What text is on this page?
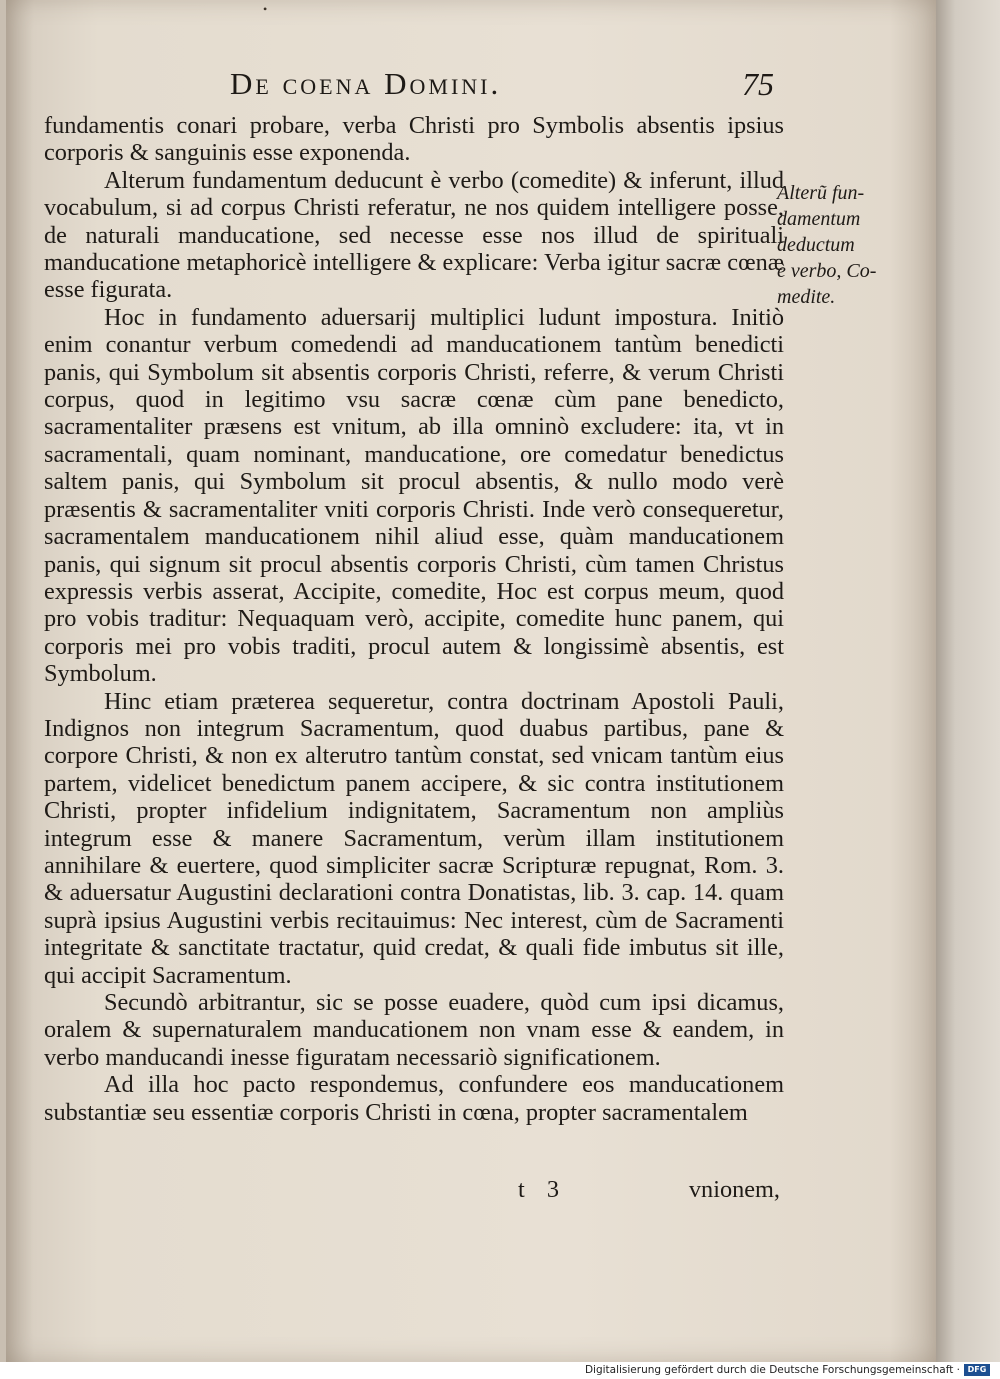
•
De coena Domini.	75

fundamentis conari probare, verba Christi pro Symbolis absentis ipsius corporis & sanguinis esse exponenda.

Alterum fundamentum deducunt è verbo (comedite) & inferunt, illud vocabulum, si ad corpus Christi referatur, ne nos quidem intelligere posse, de naturali manducatione, sed necesse esse nos illud de spirituali manducatione metaphoricè intelligere & explicare: Verba igitur sacræ cœnæ esse figurata.

Hoc in fundamento aduersarij multiplici ludunt impostura. Initiò enim conantur verbum comedendi ad manducationem tantùm benedicti panis, qui Symbolum sit absentis corporis Christi, referre, & verum Christi corpus, quod in legitimo vsu sacræ cœnæ cùm pane benedicto, sacramentaliter præsens est vnitum, ab illa omninò excludere: ita, vt in sacramentali, quam nominant, manducatione, ore comedatur benedictus saltem panis, qui Symbolum sit procul absentis, & nullo modo verè præsentis & sacramentaliter vniti corporis Christi. Inde verò consequeretur, sacramentalem manducationem nihil aliud esse, quàm manducationem panis, qui signum sit procul absentis corporis Christi, cùm tamen Christus expressis verbis asserat, Accipite, comedite, Hoc est corpus meum, quod pro vobis traditur: Nequaquam verò, accipite, comedite hunc panem, qui corporis mei pro vobis traditi, procul autem & longissimè absentis, est Symbolum.

Hinc etiam præterea sequeretur, contra doctrinam Apostoli Pauli, Indignos non integrum Sacramentum, quod duabus partibus, pane & corpore Christi, & non ex alterutro tantùm constat, sed vnicam tantùm eius partem, videlicet benedictum panem accipere, & sic contra institutionem Christi, propter infidelium indignitatem, Sacramentum non ampliùs integrum esse & manere Sacramentum, verùm illam institutionem annihilare & euertere, quod simpliciter sacræ Scripturæ repugnat, Rom. 3. & aduersatur Augustini declarationi contra Donatistas, lib. 3. cap. 14. quam suprà ipsius Augustini verbis recitauimus: Nec interest, cùm de Sacramenti integritate & sanctitate tractatur, quid credat, & quali fide imbutus sit ille, qui accipit Sacramentum.

Secundò arbitrantur, sic se posse euadere, quòd cum ipsi dicamus, oralem & supernaturalem manducationem non vnam esse & eandem, in verbo manducandi inesse figuratam necessariò significationem.

Ad illa hoc pacto respondemus, confundere eos manducationem substantiæ seu essentiæ corporis Christi in cœna, propter sacramentalem

Alterũ fun-
damentum
deductum
è verbo, Co-
medite.
t 3	vnionem,
Digitalisierung gefördert durch die Deutsche Forschungsgemeinschaft · DFG
